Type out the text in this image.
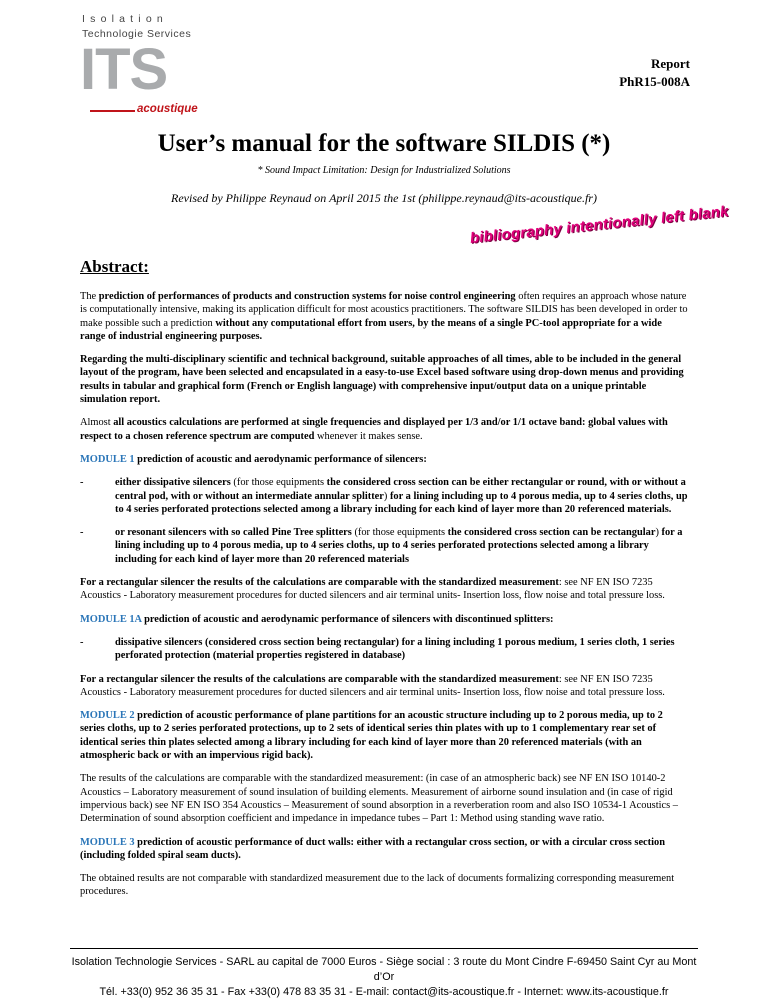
Isolation
Technologie Services
ITS
acoustique
Report
PhR15-008A
User’s manual for the software SILDIS (*)
* Sound Impact Limitation: Design for Industrialized Solutions
Revised by Philippe Reynaud on April 2015 the 1st (philippe.reynaud@its-acoustique.fr)
bibliography intentionally left blank
Abstract:

The prediction of performances of products and construction systems for noise control engineering often requires an approach whose nature is computationally intensive, making its application difficult for most acoustics practitioners. The software SILDIS has been developed in order to make possible such a prediction without any computational effort from users, by the means of a single PC-tool appropriate for a wide range of industrial engineering purposes.

Regarding the multi-disciplinary scientific and technical background, suitable approaches of all times, able to be included in the general layout of the program, have been selected and encapsulated in a easy-to-use Excel based software using drop-down menus and providing results in tabular and graphical form (French or English language) with comprehensive input/output data on a unique printable simulation report.

Almost all acoustics calculations are performed at single frequencies and displayed per 1/3 and/or 1/1 octave band: global values with respect to a chosen reference spectrum are computed whenever it makes sense.

MODULE 1 prediction of acoustic and aerodynamic performance of silencers:

-	either dissipative silencers (for those equipments the considered cross section can be either rectangular or round, with or without a central pod, with or without an intermediate annular splitter) for a lining including up to 4 porous media, up to 4 series cloths, up to 4 series perforated protections selected among a library including for each kind of layer more than 20 referenced materials.
-	or resonant silencers with so called Pine Tree splitters (for those equipments the considered cross section can be rectangular) for a lining including up to 4 porous media, up to 4 series cloths, up to 4 series perforated protections selected among a library including for each kind of layer more than 20 referenced materials

For a rectangular silencer the results of the calculations are comparable with the standardized measurement: see NF EN ISO 7235 Acoustics - Laboratory measurement procedures for ducted silencers and air terminal units- Insertion loss, flow noise and total pressure loss.

MODULE 1A prediction of acoustic and aerodynamic performance of silencers with discontinued splitters:

-	dissipative silencers (considered cross section being rectangular) for a lining including 1 porous medium, 1 series cloth, 1 series perforated protection (material properties registered in database)

For a rectangular silencer the results of the calculations are comparable with the standardized measurement: see NF EN ISO 7235 Acoustics - Laboratory measurement procedures for ducted silencers and air terminal units- Insertion loss, flow noise and total pressure loss.

MODULE 2 prediction of acoustic performance of plane partitions for an acoustic structure including up to 2 porous media, up to 2 series cloths, up to 2 series perforated protections, up to 2 sets of identical series thin plates with up to 1 complementary rear set of identical series thin plates selected among a library including for each kind of layer more than 20 referenced materials (with an atmospheric back or with an impervious rigid back).

The results of the calculations are comparable with the standardized measurement: (in case of an atmospheric back) see NF EN ISO 10140-2 Acoustics – Laboratory measurement of sound insulation of building elements. Measurement of airborne sound insulation and (in case of rigid impervious back) see NF EN ISO 354 Acoustics – Measurement of sound absorption in a reverberation room and also ISO 10534-1 Acoustics – Determination of sound absorption coefficient and impedance in impedance tubes – Part 1: Method using standing wave ratio.

MODULE 3 prediction of acoustic performance of duct walls: either with a rectangular cross section, or with a circular cross section (including folded spiral seam ducts).

The obtained results are not comparable with standardized measurement due to the lack of documents formalizing corresponding measurement procedures.

Isolation Technologie Services - SARL au capital de 7000 Euros - Siège social : 3 route du Mont Cindre F-69450 Saint Cyr au Mont d’Or
Tél. +33(0) 952 36 35 31 - Fax +33(0) 478 83 35 31 - E-mail: contact@its-acoustique.fr - Internet: www.its-acoustique.fr
